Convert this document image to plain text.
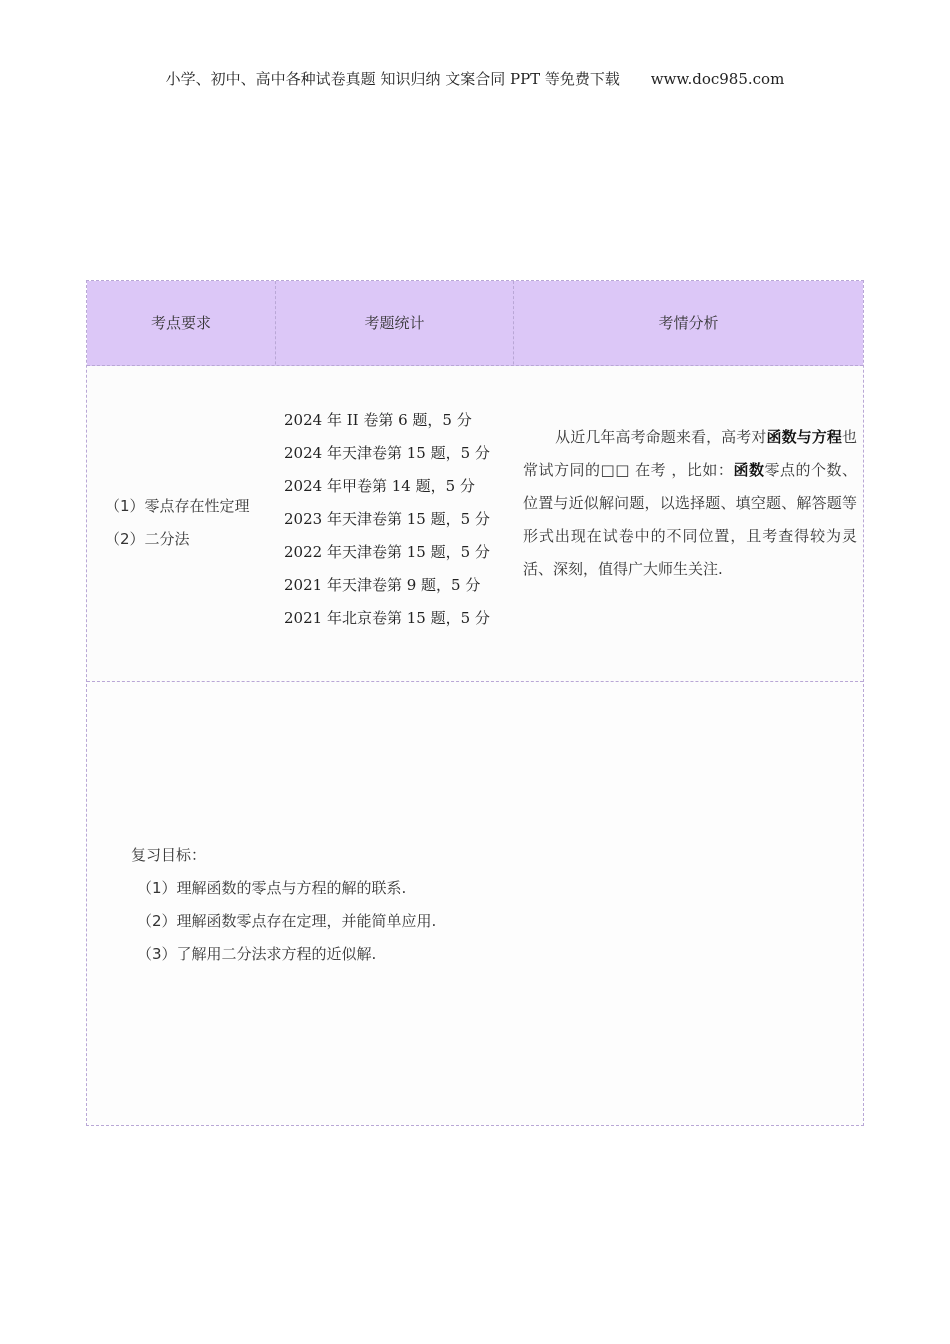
小学、初中、高中各种试卷真题 知识归纳 文案合同 PPT 等免费下载 www.doc985.com
考点要求	考题统计	考情分析
（1）零点存在性定理
（2）二分法
2024 年 II 卷第 6 题，5 分
2024 年天津卷第 15 题，5 分
2024 年甲卷第 14 题，5 分
2023 年天津卷第 15 题，5 分
2022 年天津卷第 15 题，5 分
2021 年天津卷第 9 题，5 分
2021 年北京卷第 15 题，5 分
从近几年高考命题来看，高考对函数与方程也常试方同的□□ 在考 ，比如：函数零点的个数、位置与近似解问题，以选择题、填空题、解答题等形式出现在试卷中的不同位置，且考查得较为灵活、深刻，值得广大师生关注.
复习目标：
（1）理解函数的零点与方程的解的联系.
（2）理解函数零点存在定理，并能简单应用.
（3）了解用二分法求方程的近似解.
